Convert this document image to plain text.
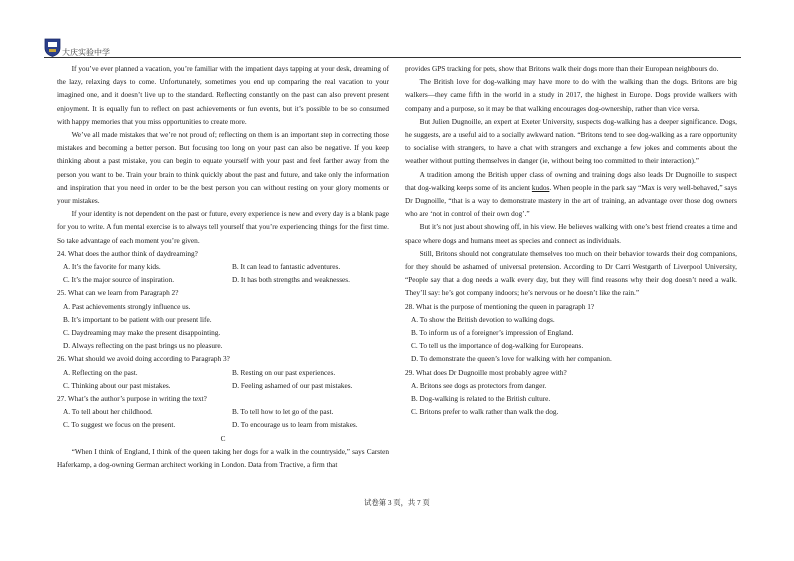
大庆实验中学

If you’ve ever planned a vacation, you’re familiar with the impatient days tapping at your desk, dreaming of the lazy, relaxing days to come. Unfortunately, sometimes you end up comparing the real vacation to your imagined one, and it doesn’t live up to the standard. Reflecting constantly on the past can also prevent present enjoyment. It is equally fun to reflect on past achievements or fun events, but it’s possible to be so consumed with happy memories that you miss opportunities to create more.

We’ve all made mistakes that we’re not proud of; reflecting on them is an important step in correcting those mistakes and becoming a better person. But focusing too long on your past can also be negative. If you keep thinking about a past mistake, you can begin to equate yourself with your past and feel farther away from the person you want to be. Train your brain to think quickly about the past and future, and take only the information and inspiration that you need in order to be the best person you can without resting on your glory moments or your mistakes.

If your identity is not dependent on the past or future, every experience is new and every day is a blank page for you to write. A fun mental exercise is to always tell yourself that you’re experiencing things for the first time. So take advantage of each moment you’re given.

24. What does the author think of daydreaming?

A. It’s the favorite for many kids.	B. It can lead to fantastic adventures.
C. It’s the major source of inspiration.	D. It has both strengths and weaknesses.

25. What can we learn from Paragraph 2?

A. Past achievements strongly influence us.
B. It’s important to be patient with our present life.
C. Daydreaming may make the present disappointing.
D. Always reflecting on the past brings us no pleasure.

26. What should we avoid doing according to Paragraph 3?

A. Reflecting on the past.	B. Resting on our past experiences.
C. Thinking about our past mistakes.	D. Feeling ashamed of our past mistakes.

27. What’s the author’s purpose in writing the text?

A. To tell about her childhood.	B. To tell how to let go of the past.
C. To suggest we focus on the present.	D. To encourage us to learn from mistakes.

C

“When I think of England, I think of the queen taking her dogs for a walk in the countryside,” says Carsten Haferkamp, a dog-owning German architect working in London. Data from Tractive, a firm that

provides GPS tracking for pets, show that Britons walk their dogs more than their European neighbours do.

The British love for dog-walking may have more to do with the walking than the dogs. Britons are big walkers—they came fifth in the world in a study in 2017, the highest in Europe. Dogs provide walkers with company and a purpose, so it may be that walking encourages dog-ownership, rather than vice versa.

But Julien Dugnoille, an expert at Exeter University, suspects dog-walking has a deeper significance. Dogs, he suggests, are a useful aid to a socially awkward nation. “Britons tend to see dog-walking as a rare opportunity to socialise with strangers, to have a chat with strangers and exchange a few jokes and comments about the weather without putting themselves in danger (ie, without being too committed to their interaction).”

A tradition among the British upper class of owning and training dogs also leads Dr Dugnoille to suspect that dog-walking keeps some of its ancient kudos. When people in the park say “Max is very well-behaved,” says Dr Dugnoille, “that is a way to demonstrate mastery in the art of training, an advantage over those dog owners who are ‘not in control of their own dog’.”

But it’s not just about showing off, in his view. He believes walking with one’s best friend creates a time and space where dogs and humans meet as species and connect as individuals.

Still, Britons should not congratulate themselves too much on their behavior towards their dog companions, for they should be ashamed of universal pretension. According to Dr Carri Westgarth of Liverpool University, “People say that a dog needs a walk every day, but they will find reasons why their dog doesn’t need a walk. They’ll say: he’s got company indoors; he’s nervous or he doesn’t like the rain.”

28. What is the purpose of mentioning the queen in paragraph 1?

A. To show the British devotion to walking dogs.
B. To inform us of a foreigner’s impression of England.
C. To tell us the importance of dog-walking for Europeans.
D. To demonstrate the queen’s love for walking with her companion.

29. What does Dr Dugnoille most probably agree with?

A. Britons see dogs as protectors from danger.
B. Dog-walking is related to the British culture.
C. Britons prefer to walk rather than walk the dog.
试卷第 3 页，共 7 页
